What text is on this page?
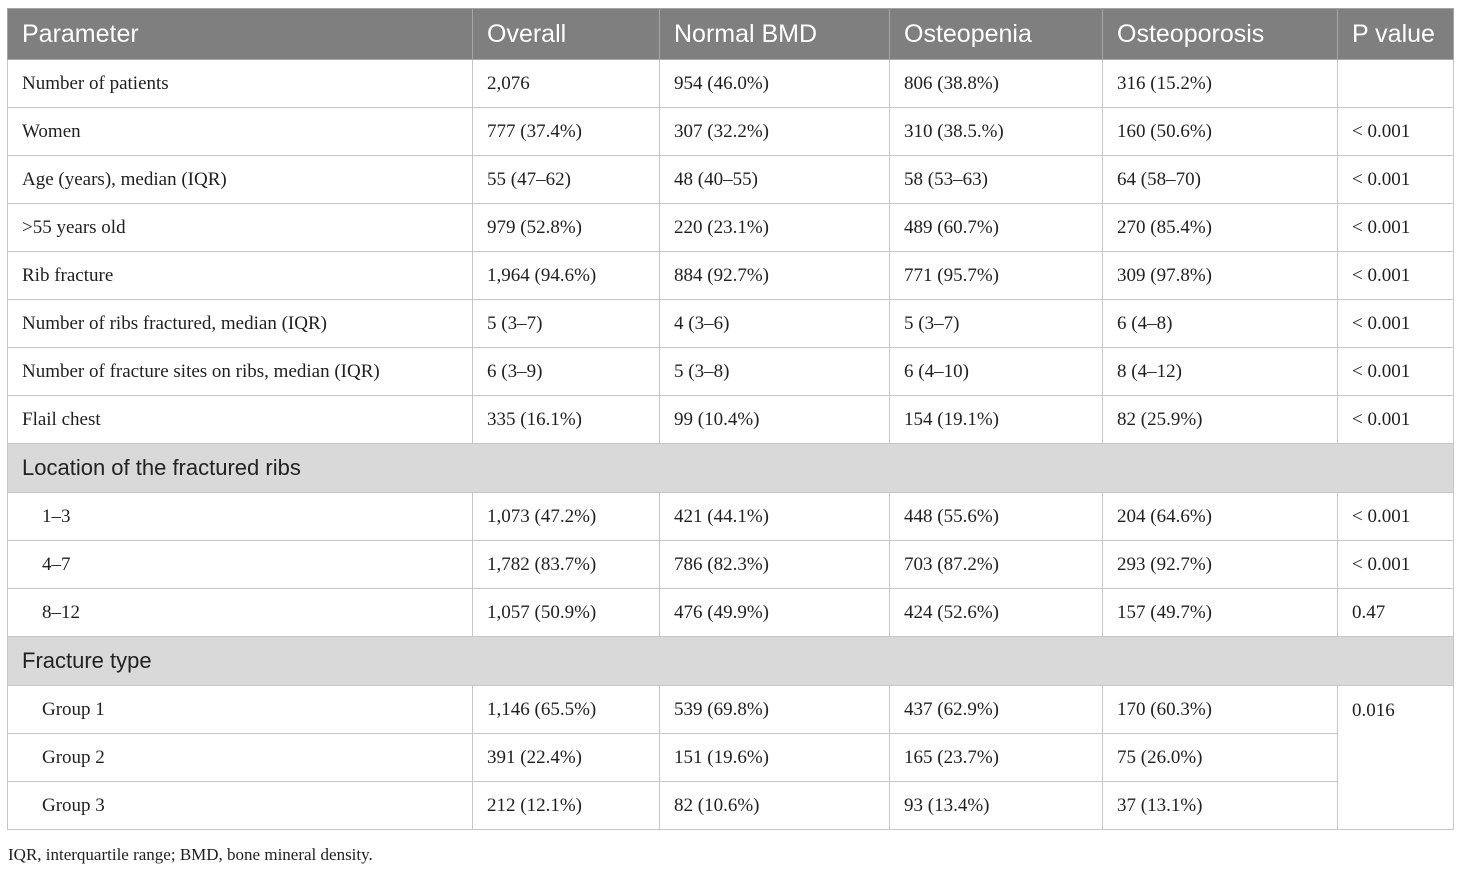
Parameter	Overall	Normal BMD	Osteopenia	Osteoporosis	P value
Number of patients	2,076	954 (46.0%)	806 (38.8%)	316 (15.2%)	
Women	777 (37.4%)	307 (32.2%)	310 (38.5.%)	160 (50.6%)	< 0.001
Age (years), median (IQR)	55 (47–62)	48 (40–55)	58 (53–63)	64 (58–70)	< 0.001
>55 years old	979 (52.8%)	220 (23.1%)	489 (60.7%)	270 (85.4%)	< 0.001
Rib fracture	1,964 (94.6%)	884 (92.7%)	771 (95.7%)	309 (97.8%)	< 0.001
Number of ribs fractured, median (IQR)	5 (3–7)	4 (3–6)	5 (3–7)	6 (4–8)	< 0.001
Number of fracture sites on ribs, median (IQR)	6 (3–9)	5 (3–8)	6 (4–10)	8 (4–12)	< 0.001
Flail chest	335 (16.1%)	99 (10.4%)	154 (19.1%)	82 (25.9%)	< 0.001
Location of the fractured ribs					
1–3	1,073 (47.2%)	421 (44.1%)	448 (55.6%)	204 (64.6%)	< 0.001
4–7	1,782 (83.7%)	786 (82.3%)	703 (87.2%)	293 (92.7%)	< 0.001
8–12	1,057 (50.9%)	476 (49.9%)	424 (52.6%)	157 (49.7%)	0.47
Fracture type					
Group 1	1,146 (65.5%)	539 (69.8%)	437 (62.9%)	170 (60.3%)	0.016
Group 2	391 (22.4%)	151 (19.6%)	165 (23.7%)	75 (26.0%)	
Group 3	212 (12.1%)	82 (10.6%)	93 (13.4%)	37 (13.1%)	
IQR, interquartile range; BMD, bone mineral density.
